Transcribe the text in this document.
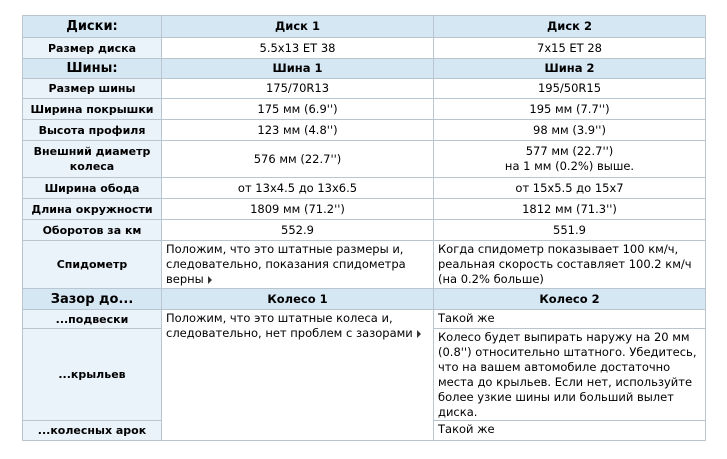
Диски:	Диск 1	Диск 2
Размер диска	5.5x13 ET 38	7x15 ET 28
Шины:	Шина 1	Шина 2
Размер шины	175/70R13	195/50R15
Ширина покрышки	175 мм (6.9'')	195 мм (7.7'')
Высота профиля	123 мм (4.8'')	98 мм (3.9'')
Внешний диаметр колеса	576 мм (22.7'')	577 мм (22.7'')
на 1 мм (0.2%) выше.

Ширина обода	от 13x4.5 до 13x6.5	от 15x5.5 до 15x7
Длина окружности	1809 мм (71.2'')	1812 мм (71.3'')
Оборотов за км	552.9	551.9
Спидометр	Положим, что это штатные размеры и, следовательно, показания спидометра верны	Когда спидометр показывает 100 км/ч, реальная скорость составляет 100.2 км/ч (на 0.2% больше)
Зазор до...	Колесо 1	Колесо 2
...подвески	Положим, что это штатные колеса и, следовательно, нет проблем с зазорами	Такой же
...крыльев		Колесо будет выпирать наружу на 20 мм (0.8'') относительно штатного. Убедитесь, что на вашем автомобиле достаточно места до крыльев. Если нет, используйте более узкие шины или больший вылет диска.
...колесных арок		Такой же
